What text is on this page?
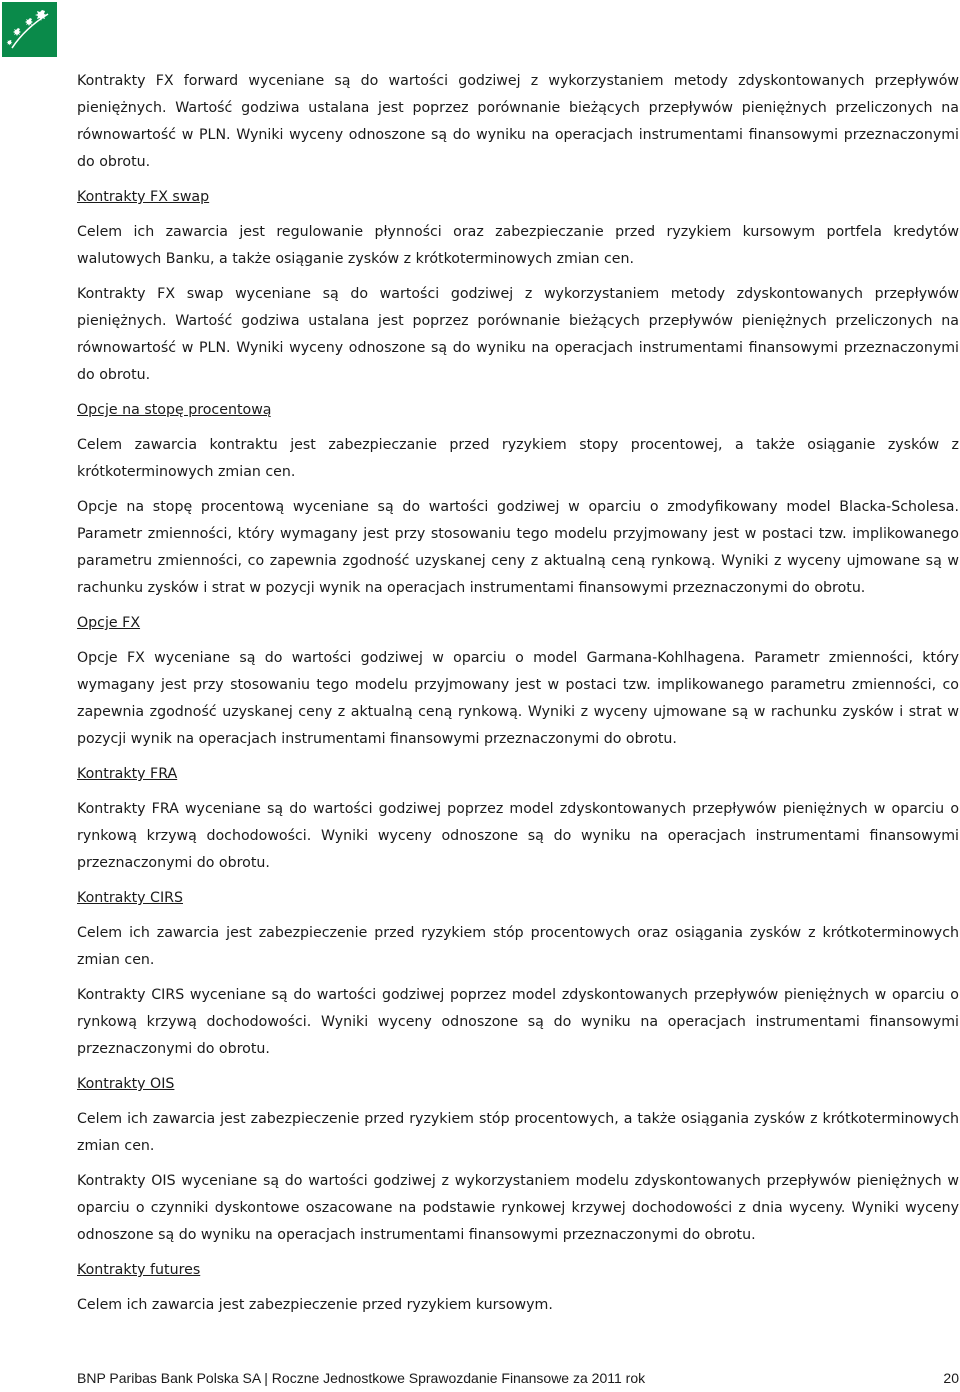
Kontrakty FX forward wyceniane są do wartości godziwej z wykorzystaniem metody zdyskontowanych przepływów pieniężnych. Wartość godziwa ustalana jest poprzez porównanie bieżących przepływów pieniężnych przeliczonych na równowartość w PLN. Wyniki wyceny odnoszone są do wyniku na operacjach instrumentami finansowymi przeznaczonymi do obrotu.

Kontrakty FX swap

Celem ich zawarcia jest regulowanie płynności oraz zabezpieczanie przed ryzykiem kursowym portfela kredytów walutowych Banku, a także osiąganie zysków z krótkoterminowych zmian cen.

Kontrakty FX swap wyceniane są do wartości godziwej z wykorzystaniem metody zdyskontowanych przepływów pieniężnych. Wartość godziwa ustalana jest poprzez porównanie bieżących przepływów pieniężnych przeliczonych na równowartość w PLN. Wyniki wyceny odnoszone są do wyniku na operacjach instrumentami finansowymi przeznaczonymi do obrotu.

Opcje na stopę procentową

Celem zawarcia kontraktu jest zabezpieczanie przed ryzykiem stopy procentowej, a także osiąganie zysków z krótkoterminowych zmian cen.

Opcje na stopę procentową wyceniane są do wartości godziwej w oparciu o zmodyfikowany model Blacka-Scholesa. Parametr zmienności, który wymagany jest przy stosowaniu tego modelu przyjmowany jest w postaci tzw. implikowanego parametru zmienności, co zapewnia zgodność uzyskanej ceny z aktualną ceną rynkową. Wyniki z wyceny ujmowane są w rachunku zysków i strat w pozycji wynik na operacjach instrumentami finansowymi przeznaczonymi do obrotu.

Opcje FX

Opcje FX wyceniane są do wartości godziwej w oparciu o model Garmana-Kohlhagena. Parametr zmienności, który wymagany jest przy stosowaniu tego modelu przyjmowany jest w postaci tzw. implikowanego parametru zmienności, co zapewnia zgodność uzyskanej ceny z aktualną ceną rynkową. Wyniki z wyceny ujmowane są w rachunku zysków i strat w pozycji wynik na operacjach instrumentami finansowymi przeznaczonymi do obrotu.

Kontrakty FRA

Kontrakty FRA wyceniane są do wartości godziwej poprzez model zdyskontowanych przepływów pieniężnych w oparciu o rynkową krzywą dochodowości. Wyniki wyceny odnoszone są do wyniku na operacjach instrumentami finansowymi przeznaczonymi do obrotu.

Kontrakty CIRS

Celem ich zawarcia jest zabezpieczenie przed ryzykiem stóp procentowych oraz osiągania zysków z krótkoterminowych zmian cen.

Kontrakty CIRS wyceniane są do wartości godziwej poprzez model zdyskontowanych przepływów pieniężnych w oparciu o rynkową krzywą dochodowości. Wyniki wyceny odnoszone są do wyniku na operacjach instrumentami finansowymi przeznaczonymi do obrotu.

Kontrakty OIS

Celem ich zawarcia jest zabezpieczenie przed ryzykiem stóp procentowych, a także osiągania zysków z krótkoterminowych zmian cen.

Kontrakty OIS wyceniane są do wartości godziwej z wykorzystaniem modelu zdyskontowanych przepływów pieniężnych w oparciu o czynniki dyskontowe oszacowane na podstawie rynkowej krzywej dochodowości z dnia wyceny. Wyniki wyceny odnoszone są do wyniku na operacjach instrumentami finansowymi przeznaczonymi do obrotu.

Kontrakty futures

Celem ich zawarcia jest zabezpieczenie przed ryzykiem kursowym.

BNP Paribas Bank Polska SA | Roczne Jednostkowe Sprawozdanie Finansowe za 2011 rok	20
